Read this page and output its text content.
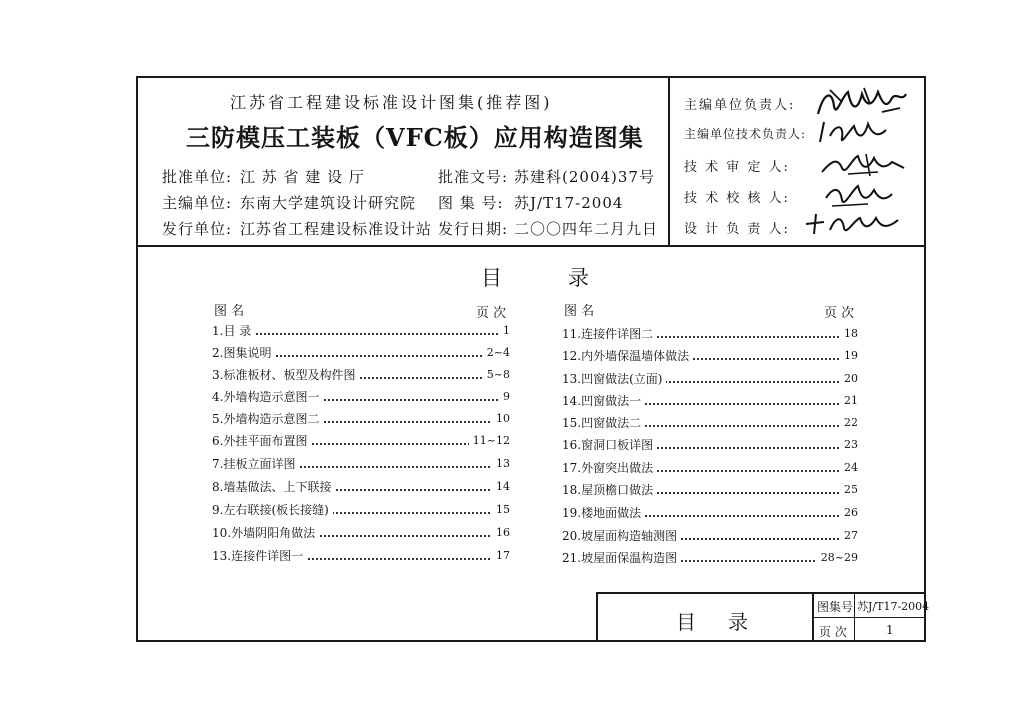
江苏省工程建设标准设计图集(推荐图)
三防模压工装板（VFC板）应用构造图集
批准单位: 江 苏 省 建 设 厅	批准文号: 苏建科(2004)37号
主编单位: 东南大学建筑设计研究院 图 集 号: 苏J/T17-2004
发行单位: 江苏省工程建设标准设计站 发行日期: 二〇〇四年二月九日
主编单位负责人:
主编单位技术负责人:
技 术 审 定 人:
技 术 校 核 人:
设 计 负 责 人:
目	录
图 名	页 次	图 名	页 次
1.目 录	1
2.图集说明	2~4
3.标准板材、板型及构件图	5~8
4.外墙构造示意图一	9
5.外墙构造示意图二	10
6.外挂平面布置图	11~12
7.挂板立面详图	13
8.墙基做法、上下联接	14
9.左右联接(板长接缝)	15
10.外墙阴阳角做法	16
13.连接件详图一	17
11.连接件详图二	18
12.内外墙保温墙体做法	19
13.凹窗做法(立面)	20
14.凹窗做法一	21
15.凹窗做法二	22
16.窗洞口板详图	23
17.外窗突出做法	24
18.屋顶檐口做法	25
19.楼地面做法	26
20.坡屋面构造轴测图	27
21.坡屋面保温构造图	28~29
目 录
图集号 苏J/T17-2004
页 次	1
